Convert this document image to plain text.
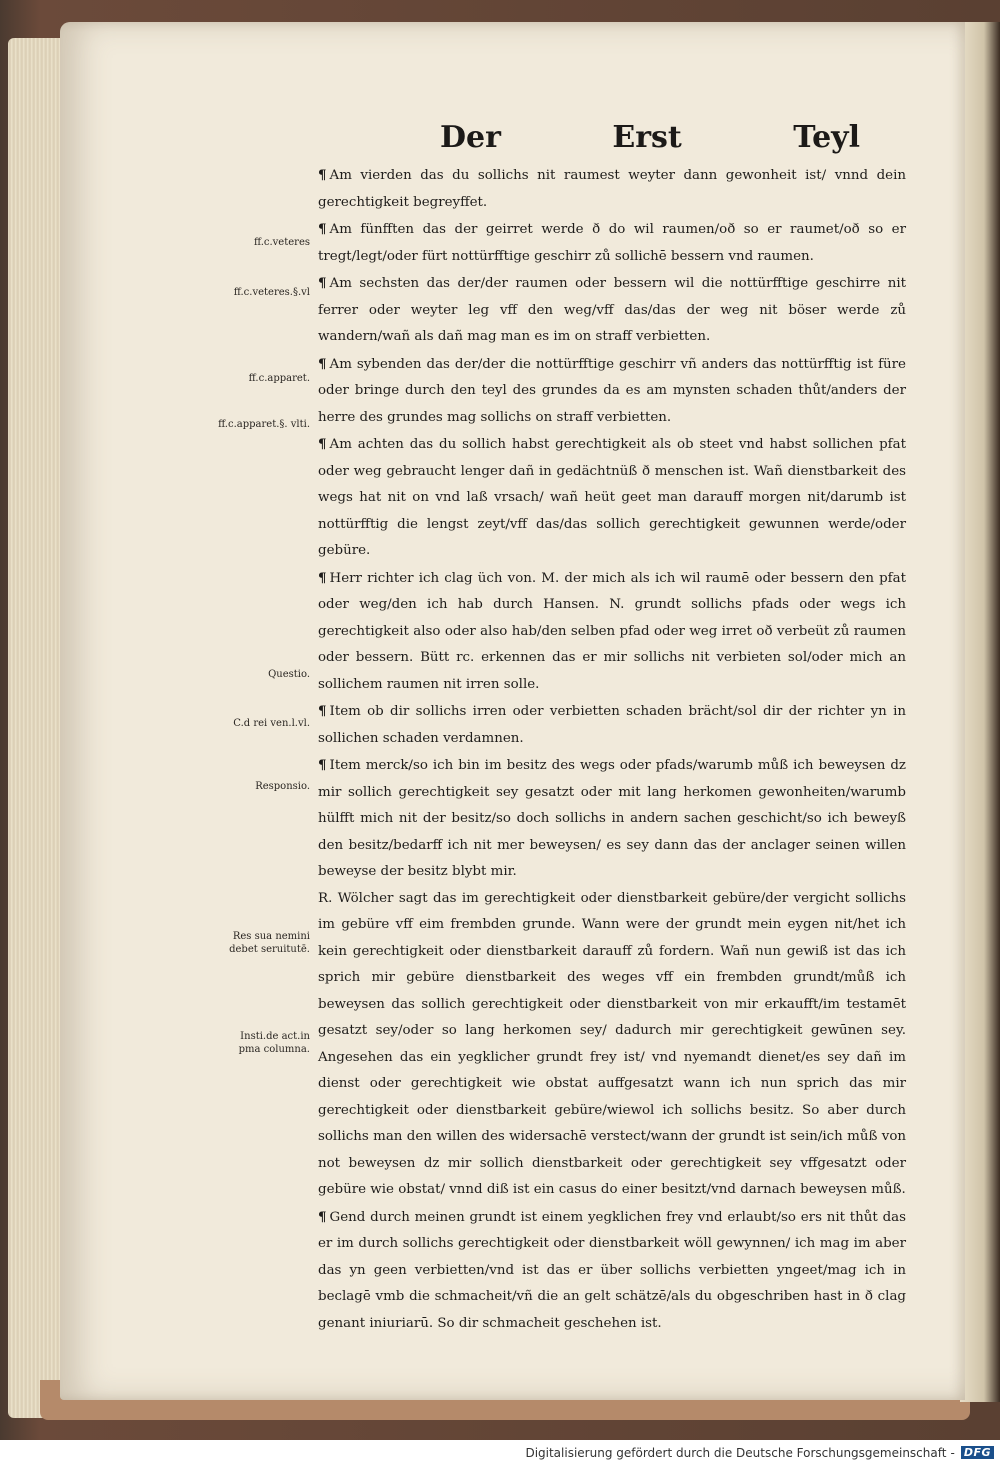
Der	Erst	Teyl
ff.c.veteres
ff.c.veteres.§.vl
ff.c.apparet.
ff.c.apparet.§. vlti.
Questio.
C.d rei ven.l.vl.
Responsio.
Res sua nemini debet seruitutē.
Insti.de act.in pma columna.

¶ Am vierden das du sollichs nit raumest weyter dann gewonheit ist/ vnnd dein gerechtigkeit begreyffet.

¶ Am fünfften das der geirret werde ð do wil raumen/oð so er raumet/oð so er tregt/legt/oder fürt nottürfftige geschirr zů sollichē bessern vnd raumen.

¶ Am sechsten das der/der raumen oder bessern wil die nottürfftige geschirre nit ferrer oder weyter leg vff den weg/vff das/das der weg nit böser werde zů wandern/wañ als dañ mag man es im on straff verbietten.

¶ Am sybenden das der/der die nottürfftige geschirr vñ anders das nottürfftig ist füre oder bringe durch den teyl des grundes da es am mynsten schaden thůt/anders der herre des grundes mag sollichs on straff verbietten.

¶ Am achten das du sollich habst gerechtigkeit als ob steet vnd habst sollichen pfat oder weg gebraucht lenger dañ in gedächtnüß ð menschen ist. Wañ dienstbarkeit des wegs hat nit on vnd laß vrsach/ wañ heüt geet man darauff morgen nit/darumb ist nottürfftig die lengst zeyt/vff das/das sollich gerechtigkeit gewunnen werde/oder gebüre.

¶ Herr richter ich clag üch von. M. der mich als ich wil raumē oder bessern den pfat oder weg/den ich hab durch Hansen. N. grundt sollichs pfads oder wegs ich gerechtigkeit also oder also hab/den selben pfad oder weg irret oð verbeüt zů raumen oder bessern. Bütt rc. erkennen das er mir sollichs nit verbieten sol/oder mich an sollichem raumen nit irren solle.

¶ Item ob dir sollichs irren oder verbietten schaden brächt/sol dir der richter yn in sollichen schaden verdamnen.

¶ Item merck/so ich bin im besitz des wegs oder pfads/warumb můß ich beweysen dz mir sollich gerechtigkeit sey gesatzt oder mit lang herkomen gewonheiten/warumb hülfft mich nit der besitz/so doch sollichs in andern sachen geschicht/so ich beweyß den besitz/bedarff ich nit mer beweysen/ es sey dann das der anclager seinen willen beweyse der besitz blybt mir.

R. Wölcher sagt das im gerechtigkeit oder dienstbarkeit gebüre/der vergicht sollichs im gebüre vff eim frembden grunde. Wann were der grundt mein eygen nit/het ich kein gerechtigkeit oder dienstbarkeit darauff zů fordern. Wañ nun gewiß ist das ich sprich mir gebüre dienstbarkeit des weges vff ein frembden grundt/můß ich beweysen das sollich gerechtigkeit oder dienstbarkeit von mir erkaufft/im testamēt gesatzt sey/oder so lang herkomen sey/ dadurch mir gerechtigkeit gewūnen sey. Angesehen das ein yegklicher grundt frey ist/ vnd nyemandt dienet/es sey dañ im dienst oder gerechtigkeit wie obstat auffgesatzt wann ich nun sprich das mir gerechtigkeit oder dienstbarkeit gebüre/wiewol ich sollichs besitz. So aber durch sollichs man den willen des widersachē verstect/wann der grundt ist sein/ich můß von not beweysen dz mir sollich dienstbarkeit oder gerechtigkeit sey vffgesatzt oder gebüre wie obstat/ vnnd diß ist ein casus do einer besitzt/vnd darnach beweysen můß.

¶ Gend durch meinen grundt ist einem yegklichen frey vnd erlaubt/so ers nit thůt das er im durch sollichs gerechtigkeit oder dienstbarkeit wöll gewynnen/ ich mag im aber das yn geen verbietten/vnd ist das er über sollichs verbietten yngeet/mag ich in beclagē vmb die schmacheit/vñ die an gelt schätzē/als du obgeschriben hast in ð clag genant iniuriarū. So dir schmacheit geschehen ist.

Digitalisierung gefördert durch die Deutsche Forschungsgemeinschaft - DFG
